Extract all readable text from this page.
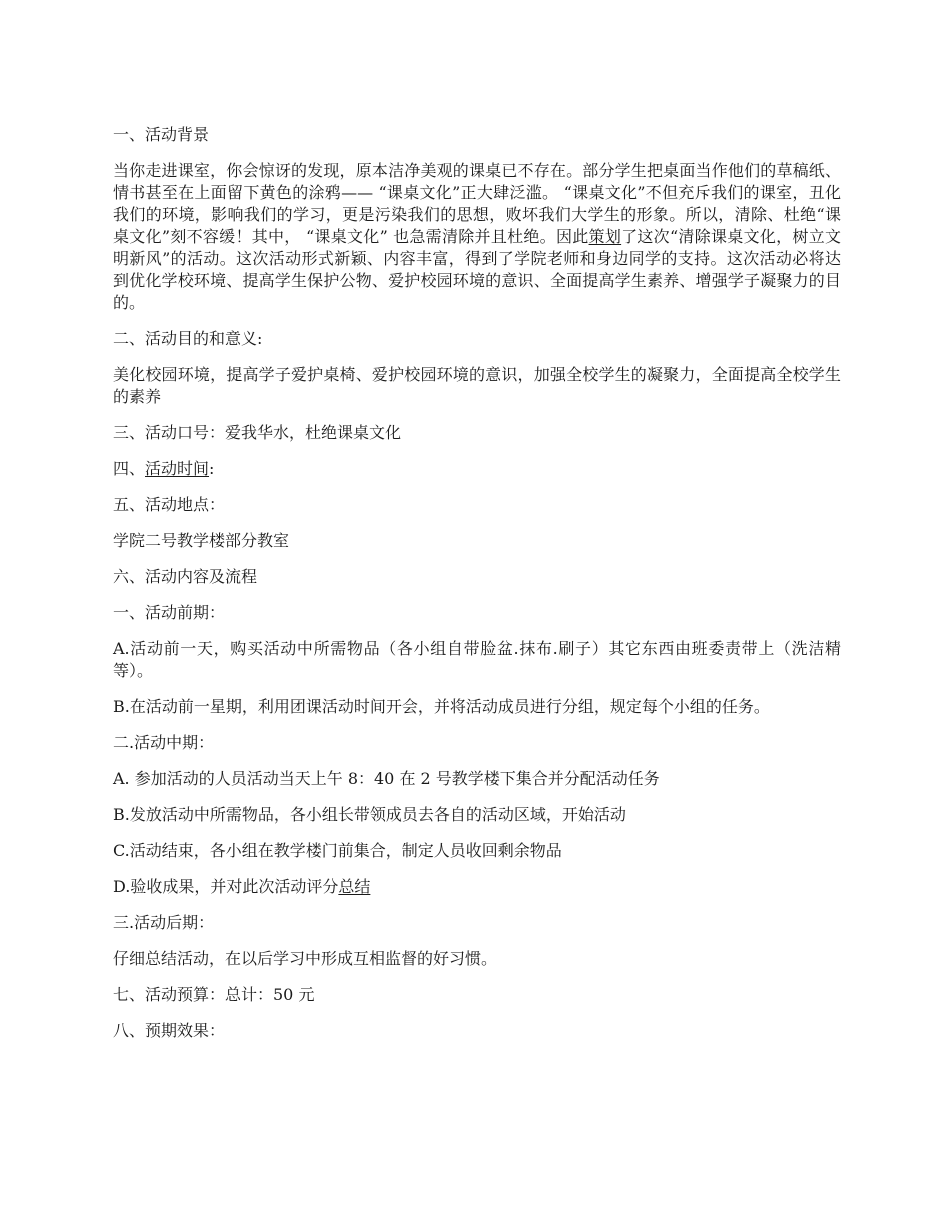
一、活动背景

当你走进课室，你会惊讶的发现，原本洁净美观的课桌已不存在。部分学生把桌面当作他们的草稿纸、情书甚至在上面留下黄色的涂鸦—— “课桌文化”正大肆泛滥。 “课桌文化”不但充斥我们的课室，丑化我们的环境，影响我们的学习，更是污染我们的思想，败坏我们大学生的形象。所以，清除、杜绝“课桌文化”刻不容缓！其中， “课桌文化” 也急需清除并且杜绝。因此策划了这次“清除课桌文化，树立文明新风”的活动。这次活动形式新颖、内容丰富，得到了学院老师和身边同学的支持。这次活动必将达到优化学校环境、提高学生保护公物、爱护校园环境的意识、全面提高学生素养、增强学子凝聚力的目的。

二、活动目的和意义:

美化校园环境，提高学子爱护桌椅、爱护校园环境的意识，加强全校学生的凝聚力，全面提高全校学生的素养

三、活动口号：爱我华水，杜绝课桌文化

四、活动时间:

五、活动地点：

学院二号教学楼部分教室

六、活动内容及流程

一、活动前期：

A.活动前一天，购买活动中所需物品（各小组自带脸盆.抹布.刷子）其它东西由班委责带上（洗洁精等）。

B.在活动前一星期，利用团课活动时间开会，并将活动成员进行分组，规定每个小组的任务。

二.活动中期：

A. 参加活动的人员活动当天上午 8：40 在 2 号教学楼下集合并分配活动任务

B.发放活动中所需物品，各小组长带领成员去各自的活动区域，开始活动

C.活动结束，各小组在教学楼门前集合，制定人员收回剩余物品

D.验收成果，并对此次活动评分总结

三.活动后期：

仔细总结活动，在以后学习中形成互相监督的好习惯。

七、活动预算：总计：50 元

八、预期效果：
